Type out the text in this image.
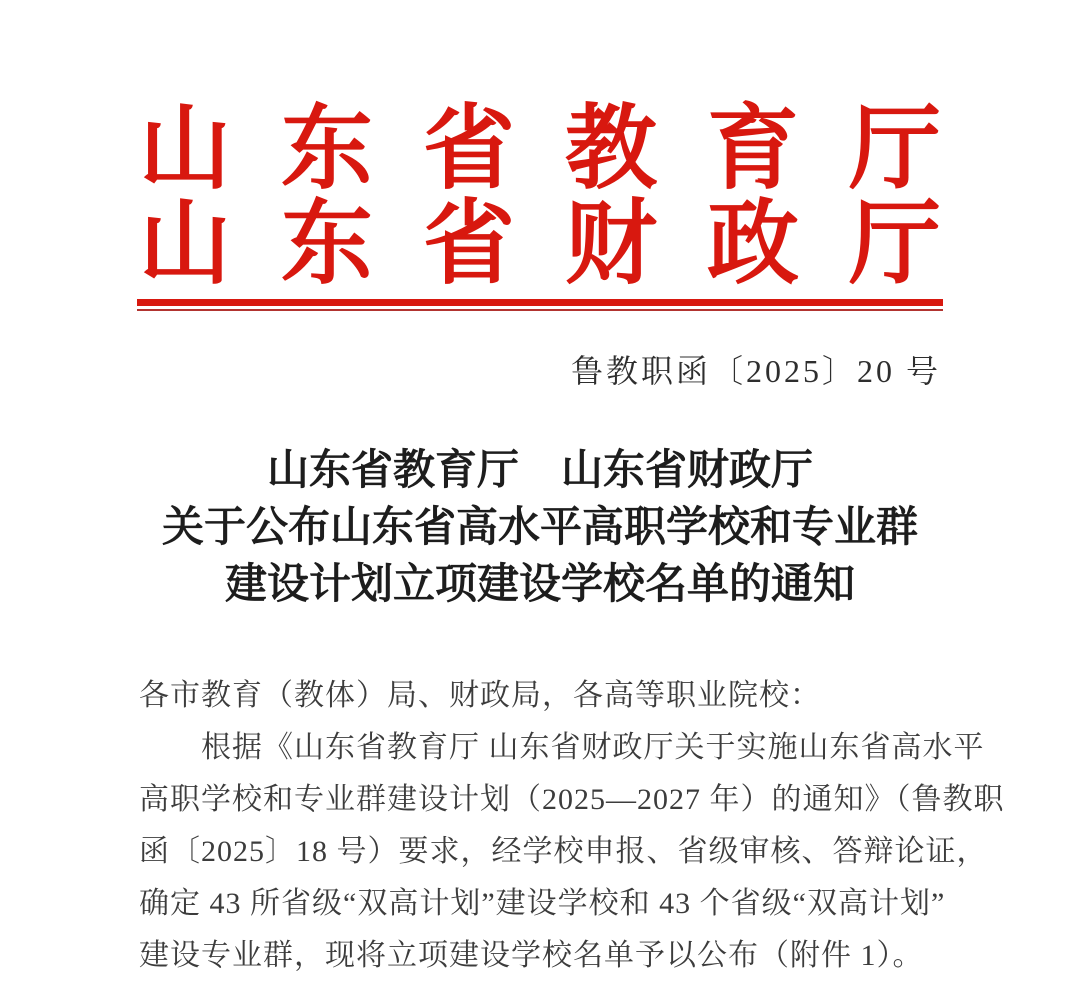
山东省教育厅
山东省财政厅
鲁教职函〔2025〕20 号
山东省教育厅　山东省财政厅
关于公布山东省高水平高职学校和专业群
建设计划立项建设学校名单的通知
各市教育（教体）局、财政局，各高等职业院校：
根据《山东省教育厅 山东省财政厅关于实施山东省高水平
高职学校和专业群建设计划（2025—2027 年）的通知》（鲁教职
函〔2025〕18 号）要求，经学校申报、省级审核、答辩论证，
确定 43 所省级“双高计划”建设学校和 43 个省级“双高计划”
建设专业群，现将立项建设学校名单予以公布（附件 1）。
